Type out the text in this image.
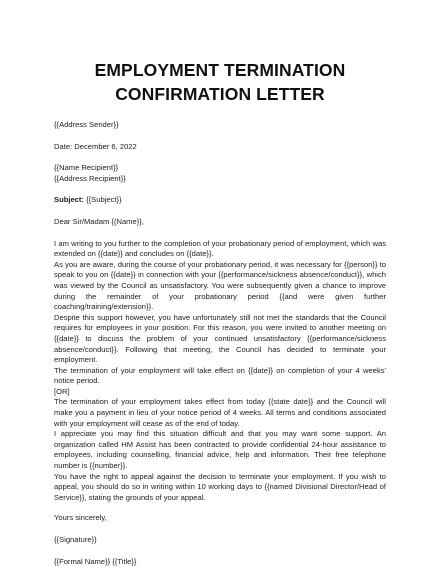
EMPLOYMENT TERMINATION
CONFIRMATION LETTER

{{Address Sender}}

Date: December 6, 2022

{{Name Recipient}}

{{Address Recipient}}

Subject: {{Subject}}

Dear Sir/Madam {{Name}},

I am writing to you further to the completion of your probationary period of employment, which was extended on {{date}} and concludes on {{date}}.

As you are aware, during the course of your probationary period, it was necessary for {{person}} to speak to you on {{date}} in connection with your {{performance/sickness absence/conduct}}, which was viewed by the Council as unsatisfactory. You were subsequently given a chance to improve during the remainder of your probationary period {{and were given further coaching/training/extension}}.

Despite this support however, you have unfortunately still not met the standards that the Council requires for employees in your position. For this reason, you were invited to another meeting on {{date}} to discuss the problem of your continued unsatisfactory {{performance/sickness absence/conduct}}. Following that meeting, the Council has decided to terminate your employment.

The termination of your employment will take effect on {{date}} on completion of your 4 weeks' notice period.

[OR]

The termination of your employment takes effect from today {{state date}} and the Council will make you a payment in lieu of your notice period of 4 weeks. All terms and conditions associated with your employment will cease as of the end of today.

I appreciate you may find this situation difficult and that you may want some support. An organization called HM Assist has been contracted to provide confidential 24-hour assistance to employees, including counselling, financial advice, help and information. Their free telephone number is {{number}}.

You have the right to appeal against the decision to terminate your employment. If you wish to appeal, you should do so in writing within 10 working days to {{named Divisional Director/Head of Service}}, stating the grounds of your appeal.

Yours sincerely,

{{Signature}}

{{Formal Name}} {{Title}}
